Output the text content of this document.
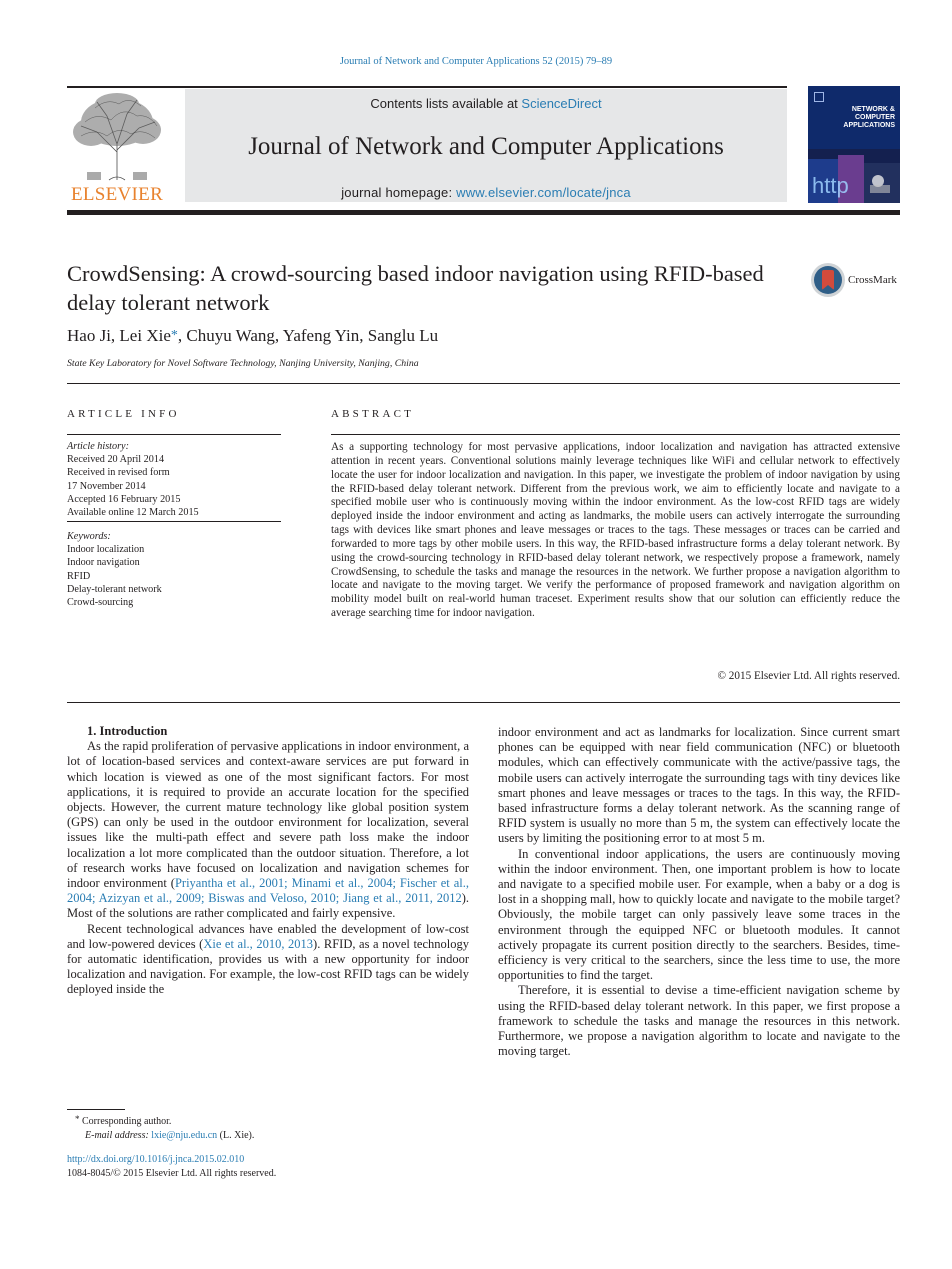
Journal of Network and Computer Applications 52 (2015) 79–89
ELSEVIER
Contents lists available at ScienceDirect
Journal of Network and Computer Applications
journal homepage: www.elsevier.com/locate/jnca
NETWORK & COMPUTER APPLICATIONS
http
CrowdSensing: A crowd-sourcing based indoor navigation using RFID-based delay tolerant network
CrossMark
Hao Ji, Lei Xie*, Chuyu Wang, Yafeng Yin, Sanglu Lu
State Key Laboratory for Novel Software Technology, Nanjing University, Nanjing, China
ARTICLE INFO	ABSTRACT
Article history:
Received 20 April 2014
Received in revised form
17 November 2014
Accepted 16 February 2015
Available online 12 March 2015
Keywords:
Indoor localization
Indoor navigation
RFID
Delay-tolerant network
Crowd-sourcing
As a supporting technology for most pervasive applications, indoor localization and navigation has attracted extensive attention in recent years. Conventional solutions mainly leverage techniques like WiFi and cellular network to effectively locate the user for indoor localization and navigation. In this paper, we investigate the problem of indoor navigation by using the RFID-based delay tolerant network. Different from the previous work, we aim to efficiently locate and navigate to a specified mobile user who is continuously moving within the indoor environment. As the low-cost RFID tags are widely deployed inside the indoor environment and acting as landmarks, the mobile users can actively interrogate the surrounding tags with devices like smart phones and leave messages or traces to the tags. These messages or traces can be carried and forwarded to more tags by other mobile users. In this way, the RFID-based infrastructure forms a delay tolerant network. By using the crowd-sourcing technology in RFID-based delay tolerant network, we respectively propose a framework, namely CrowdSensing, to schedule the tasks and manage the resources in the network. We further propose a navigation algorithm to locate and navigate to the moving target. We verify the performance of proposed framework and navigation algorithm on mobility model built on real-world human traceset. Experiment results show that our solution can efficiently reduce the average searching time for indoor navigation.
© 2015 Elsevier Ltd. All rights reserved.

1. Introduction

As the rapid proliferation of pervasive applications in indoor environment, a lot of location-based services and context-aware services are put forward in which location is viewed as one of the most significant factors. For most applications, it is required to provide an accurate location for the specified objects. However, the current mature technology like global position system (GPS) can only be used in the outdoor environment for localization, several issues like the multi-path effect and severe path loss make the indoor localization a lot more complicated than the outdoor situation. Therefore, a lot of research works have focused on localization and navigation schemes for indoor environment (Priyantha et al., 2001; Minami et al., 2004; Fischer et al., 2004; Azizyan et al., 2009; Biswas and Veloso, 2010; Jiang et al., 2011, 2012). Most of the solutions are rather complicated and fairly expensive.

Recent technological advances have enabled the development of low-cost and low-powered devices (Xie et al., 2010, 2013). RFID, as a novel technology for automatic identification, provides us with a new opportunity for indoor localization and navigation. For example, the low-cost RFID tags can be widely deployed inside the

indoor environment and act as landmarks for localization. Since current smart phones can be equipped with near field communication (NFC) or bluetooth modules, which can effectively communicate with the active/passive tags, the mobile users can actively interrogate the surrounding tags with tiny devices like smart phones and leave messages or traces to the tags. In this way, the RFID-based infrastructure forms a delay tolerant network. As the scanning range of RFID system is usually no more than 5 m, the system can effectively locate the users by limiting the positioning error to at most 5 m.

In conventional indoor applications, the users are continuously moving within the indoor environment. Then, one important problem is how to locate and navigate to a specified mobile user. For example, when a baby or a dog is lost in a shopping mall, how to quickly locate and navigate to the mobile target? Obviously, the mobile target can only passively leave some traces in the environment through the equipped NFC or bluetooth modules. It cannot actively propagate its current position directly to the searchers. Besides, time-efficiency is very critical to the searchers, since the less time to use, the more opportunities to find the target.

Therefore, it is essential to devise a time-efficient navigation scheme by using the RFID-based delay tolerant network. In this paper, we first propose a framework to schedule the tasks and manage the resources in this network. Furthermore, we propose a navigation algorithm to locate and navigate to the moving target.

* Corresponding author.
E-mail address: lxie@nju.edu.cn (L. Xie).
http://dx.doi.org/10.1016/j.jnca.2015.02.010
1084-8045/© 2015 Elsevier Ltd. All rights reserved.
